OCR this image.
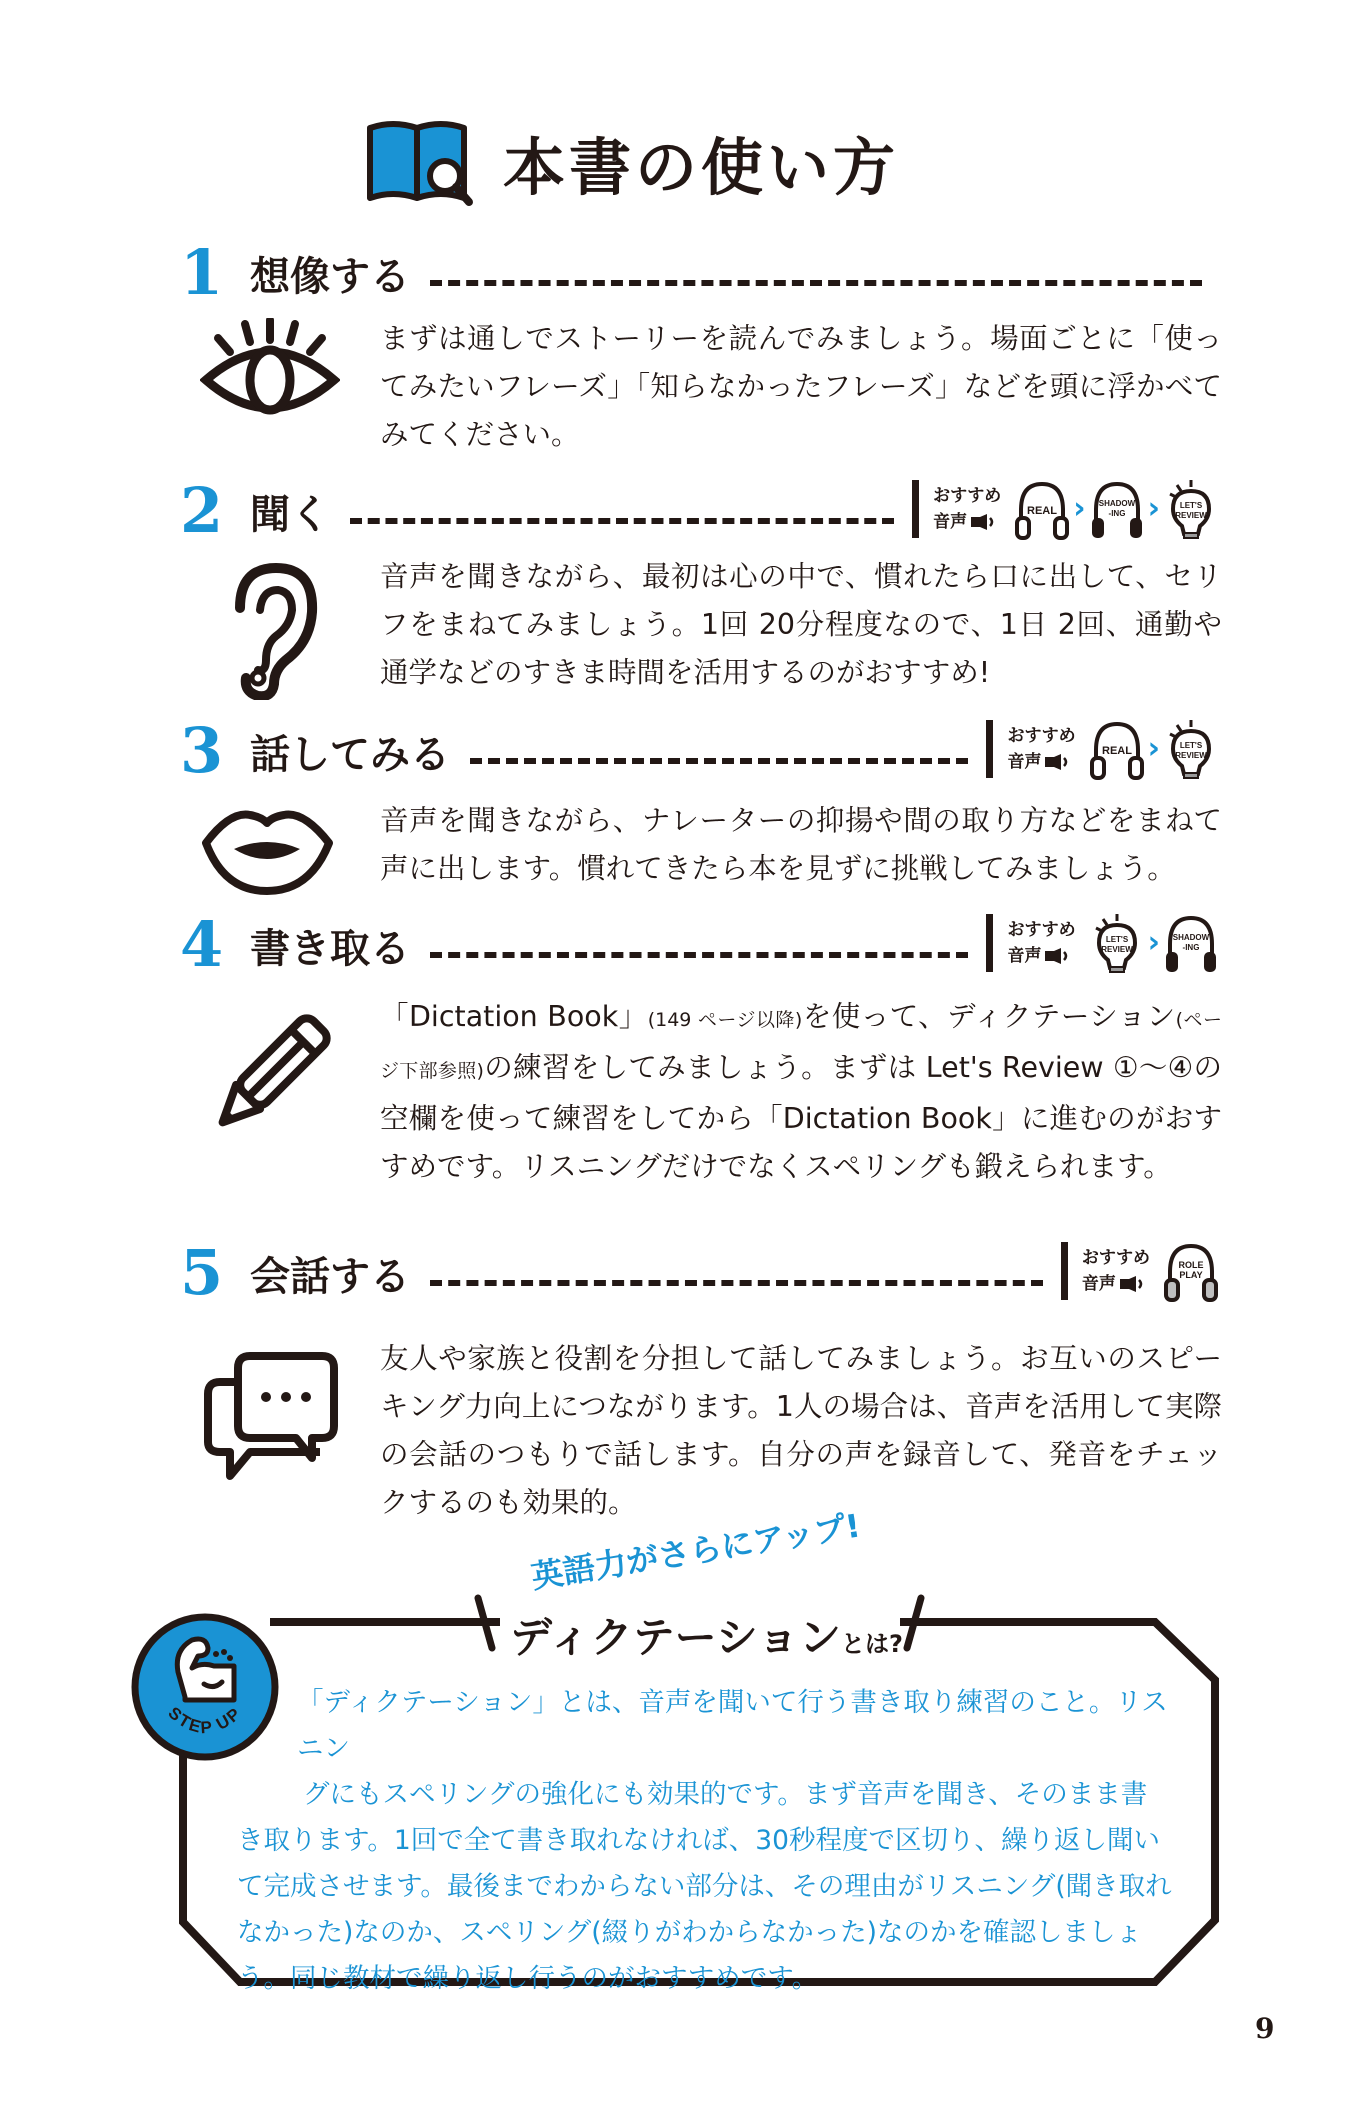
本書の使い方
1 想像する
まずは通しでストーリーを読んでみましょう。場面ごとに「使ってみたいフレーズ」「知らなかったフレーズ」などを頭に浮かべてみてください。
2 聞く	おすすめ
音声
REAL › SHADOW
-ING › LET'S
REVIEW
音声を聞きながら、最初は心の中で、慣れたら口に出して、セリフをまねてみましょう。1回 20分程度なので、1日 2回、通勤や通学などのすきま時間を活用するのがおすすめ!
3 話してみる	おすすめ
音声
REAL › LET'S
REVIEW
音声を聞きながら、ナレーターの抑揚や間の取り方などをまねて声に出します。慣れてきたら本を見ずに挑戦してみましょう。
4 書き取る	おすすめ
音声
LET'S
REVIEW › SHADOW
-ING
「Dictation Book」(149 ページ以降)を使って、ディクテーション(ページ下部参照)の練習をしてみましょう。まずは Let's Review ①～④の空欄を使って練習をしてから「Dictation Book」に進むのがおすすめです。リスニングだけでなくスペリングも鍛えられます。
5 会話する	おすすめ
音声
ROLE
PLAY
友人や家族と役割を分担して話してみましょう。お互いのスピーキング力向上につながります。1人の場合は、音声を活用して実際の会話のつもりで話します。自分の声を録音して、発音をチェックするのも効果的。
STEP UP
英語力がさらにアップ!
ディクテーションとは?
「ディクテーション」とは、音声を聞いて行う書き取り練習のこと。リスニン
グにもスペリングの強化にも効果的です。まず音声を聞き、そのまま書き取ります。1回で全て書き取れなければ、30秒程度で区切り、繰り返し聞いて完成させます。最後までわからない部分は、その理由がリスニング(聞き取れなかった)なのか、スペリング(綴りがわからなかった)なのかを確認しましょう。同じ教材で繰り返し行うのがおすすめです。
9
